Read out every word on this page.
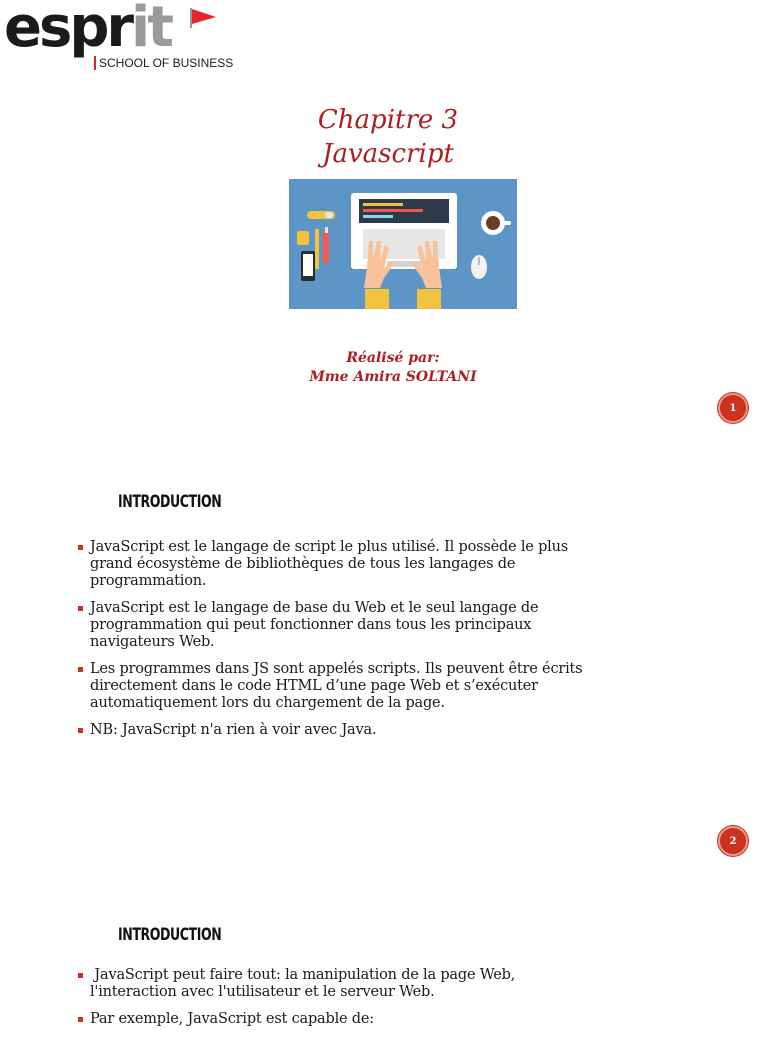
esprit
SCHOOL OF BUSINESS
Chapitre 3
Javascript
Réalisé par:
Mme Amira SOLTANI
1
INTRODUCTION
JavaScript est le langage de script le plus utilisé. Il possède le plus grand écosystème de bibliothèques de tous les langages de programmation.
JavaScript est le langage de base du Web et le seul langage de programmation qui peut fonctionner dans tous les principaux navigateurs Web.
Les programmes dans JS sont appelés scripts. Ils peuvent être écrits directement dans le code HTML d’une page Web et s’exécuter automatiquement lors du chargement de la page.
NB: JavaScript n'a rien à voir avec Java.
2
INTRODUCTION
JavaScript peut faire tout: la manipulation de la page Web, l'interaction avec l'utilisateur et le serveur Web.
Par exemple, JavaScript est capable de:
